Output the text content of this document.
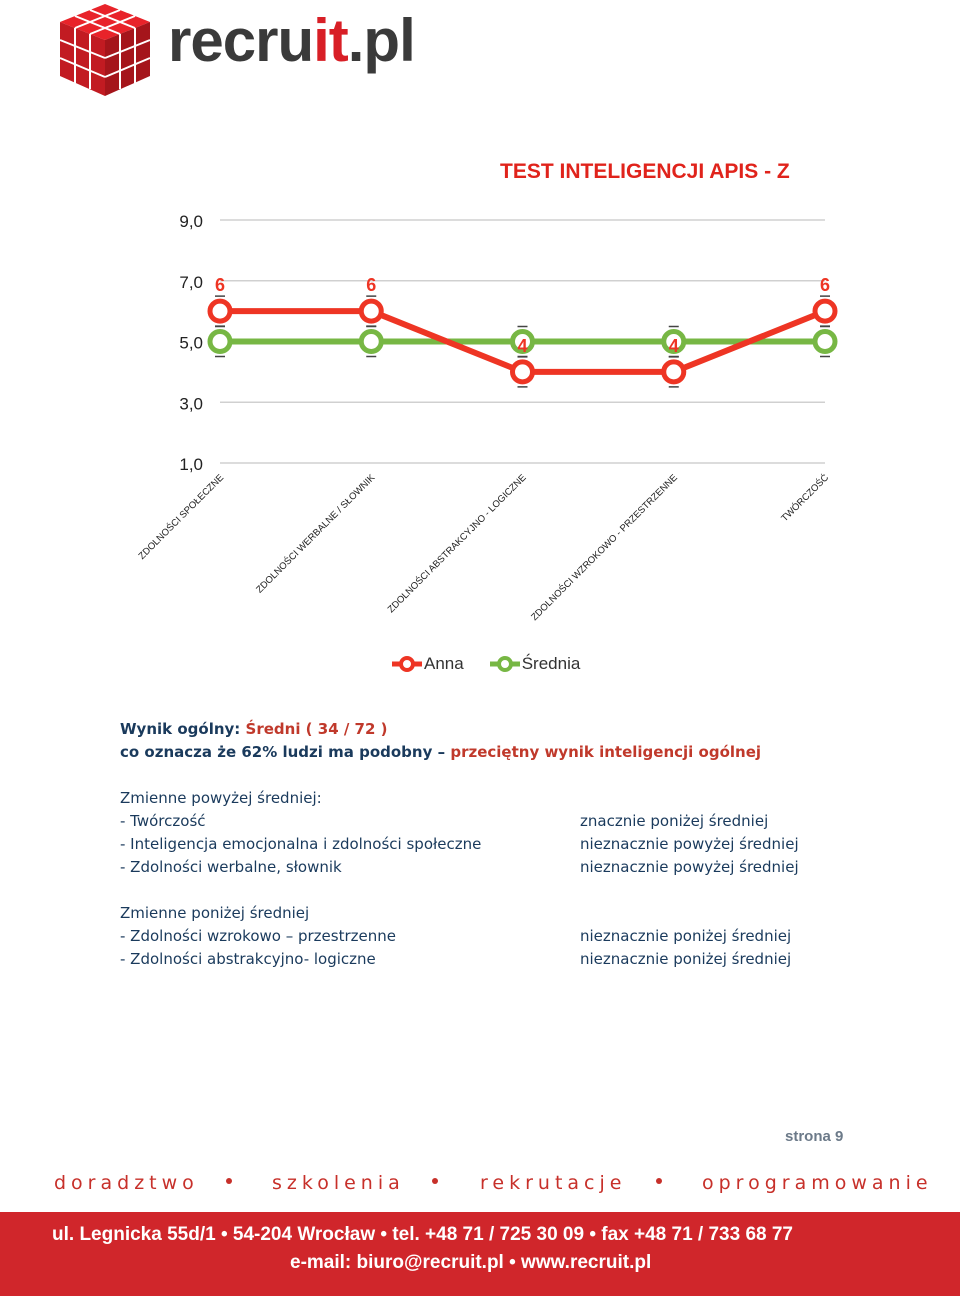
recruit.pl
TEST INTELIGENCJI APIS - Z
1,0
3,0
5,0
7,0
9,0
ZDOLNOŚCI SPOŁECZNE	ZDOLNOŚCI WERBALNE / SŁOWNIK ZDOLNOŚCI ABSTRAKCYJNO - LOGICZNE ZDOLNOŚCI WZROKOWO - PRZESTRZENNE	TWÓRCZOŚĆ
6	6
4	4
6
Anna	Średnia
Wynik ogólny: Średni ( 34 / 72 )
co oznacza że 62% ludzi ma podobny – przeciętny wynik inteligencji ogólnej
Zmienne powyżej średniej:
- Twórczość	znacznie poniżej średniej
- Inteligencja emocjonalna i zdolności społeczne	nieznacznie powyżej średniej
- Zdolności werbalne, słownik	nieznacznie powyżej średniej
Zmienne poniżej średniej
- Zdolności wzrokowo – przestrzenne	nieznacznie poniżej średniej
- Zdolności abstrakcyjno- logiczne	nieznacznie poniżej średniej
strona 9
doradztwo	szkolenia	rekrutacje	oprogramowanie
ul. Legnicka 55d/1 • 54-204 Wrocław • tel. +48 71 / 725 30 09 • fax +48 71 / 733 68 77
e-mail: biuro@recruit.pl • www.recruit.pl
